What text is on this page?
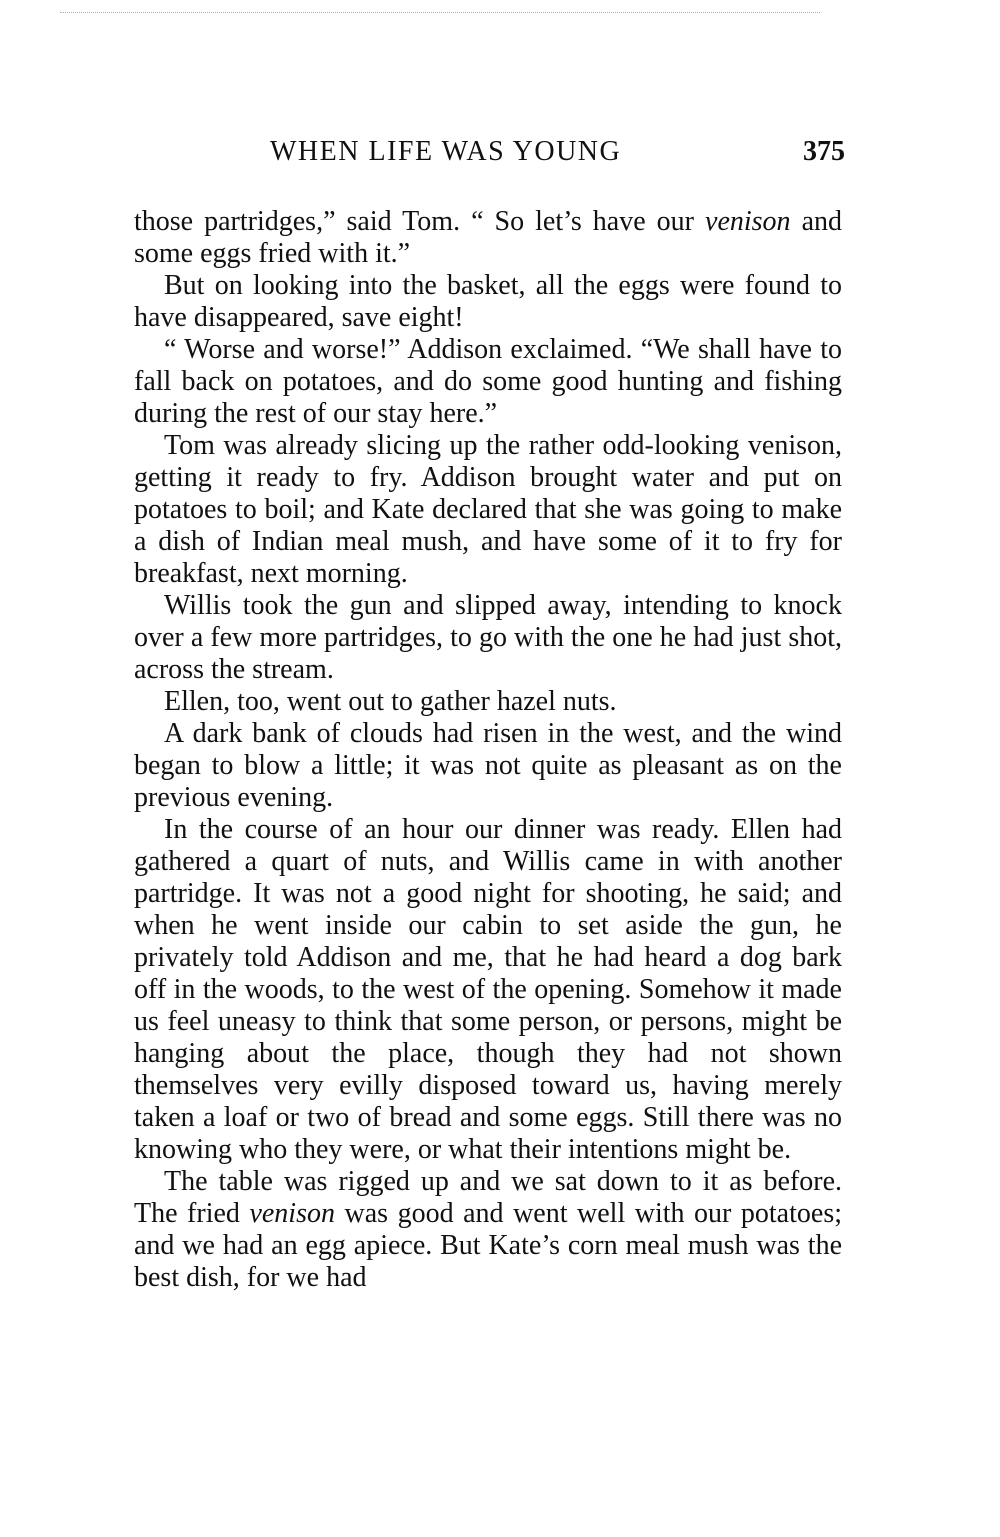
WHEN LIFE WAS YOUNG	375

those partridges,” said Tom. “ So let’s have our venison and some eggs fried with it.”

But on looking into the basket, all the eggs were found to have disappeared, save eight!

“ Worse and worse!” Addison exclaimed. “We shall have to fall back on potatoes, and do some good hunting and fishing during the rest of our stay here.”

Tom was already slicing up the rather odd-looking venison, getting it ready to fry. Addison brought water and put on potatoes to boil; and Kate declared that she was going to make a dish of Indian meal mush, and have some of it to fry for breakfast, next morning.

Willis took the gun and slipped away, intending to knock over a few more partridges, to go with the one he had just shot, across the stream.

Ellen, too, went out to gather hazel nuts.

A dark bank of clouds had risen in the west, and the wind began to blow a little; it was not quite as pleasant as on the previous evening.

In the course of an hour our dinner was ready. Ellen had gathered a quart of nuts, and Willis came in with another partridge. It was not a good night for shooting, he said; and when he went inside our cabin to set aside the gun, he privately told Addison and me, that he had heard a dog bark off in the woods, to the west of the opening. Somehow it made us feel uneasy to think that some person, or persons, might be hanging about the place, though they had not shown themselves very evilly disposed toward us, having merely taken a loaf or two of bread and some eggs. Still there was no knowing who they were, or what their intentions might be.

The table was rigged up and we sat down to it as before. The fried venison was good and went well with our potatoes; and we had an egg apiece. But Kate’s corn meal mush was the best dish, for we had
